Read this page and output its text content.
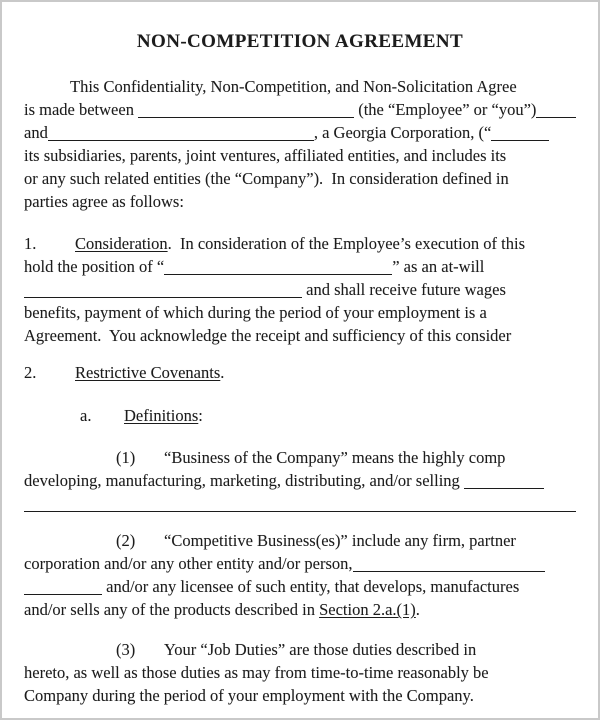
NON-COMPETITION AGREEMENT
This Confidentiality, Non-Competition, and Non-Solicitation Agree
is made between	(the “Employee” or “you”)
and	, a Georgia Corporation, (“
its subsidiaries, parents, joint ventures, affiliated entities, and includes its
or any such related entities (the “Company”).  In consideration defined in
parties agree as follows:
1. Consideration.  In consideration of the Employee’s execution of this
hold the position of “	” as an at-will
and shall receive future wages
benefits, payment of which during the period of your employment is a
Agreement.  You acknowledge the receipt and sufficiency of this consider
2. Restrictive Covenants.
a. Definitions:
(1) “Business of the Company” means the highly comp
developing, manufacturing, marketing, distributing, and/or selling
(2) “Competitive Business(es)” include any firm, partner
corporation and/or any other entity and/or person,
and/or any licensee of such entity, that develops, manufactures
and/or sells any of the products described in Section 2.a.(1).
(3) Your “Job Duties” are those duties described in
hereto, as well as those duties as may from time-to-time reasonably be
Company during the period of your employment with the Company.
